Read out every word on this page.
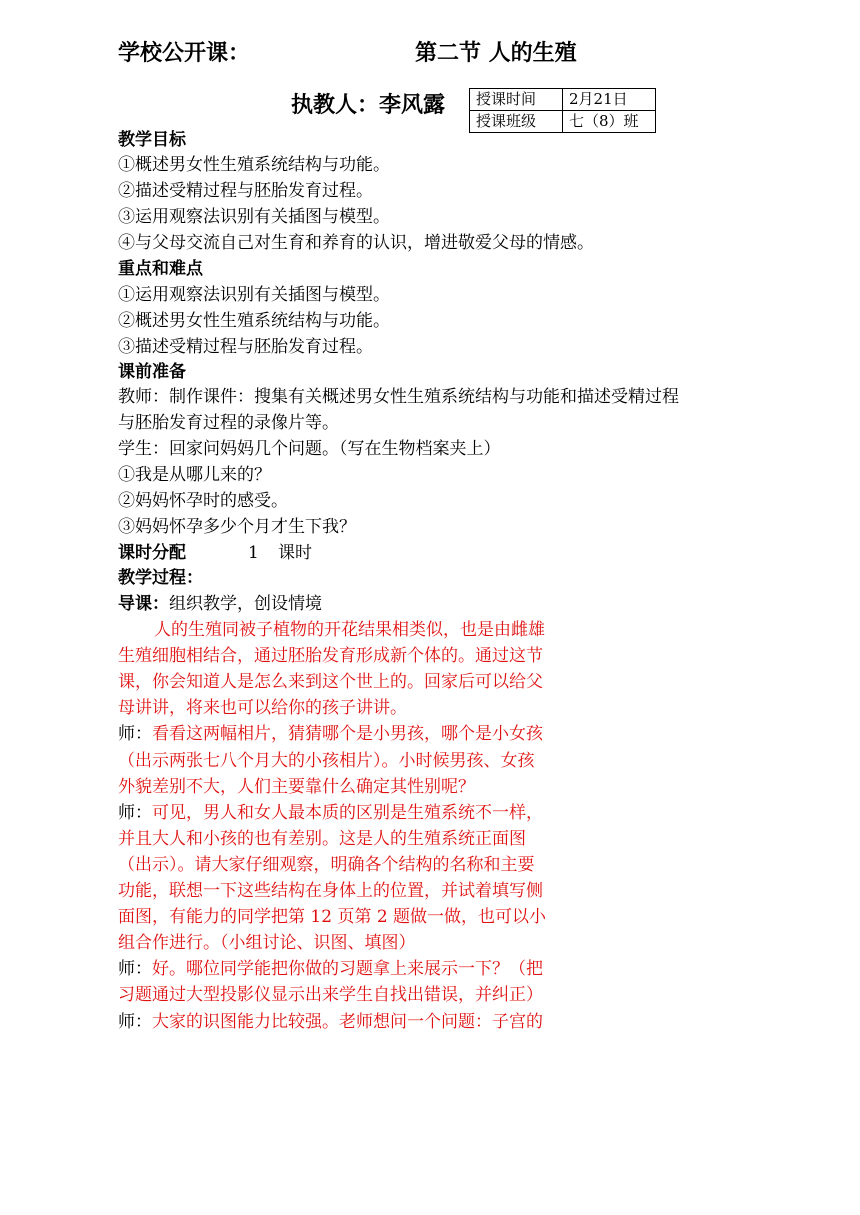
学校公开课：	第二节 人的生殖
执教人：李风露 授课时间	2月21日
授课班级	七（8）班
教学目标
①概述男女性生殖系统结构与功能。
②描述受精过程与胚胎发育过程。
③运用观察法识别有关插图与模型。
④与父母交流自己对生育和养育的认识，增进敬爱父母的情感。
重点和难点
①运用观察法识别有关插图与模型。
②概述男女性生殖系统结构与功能。
③描述受精过程与胚胎发育过程。
课前准备
教师：制作课件：搜集有关概述男女性生殖系统结构与功能和描述受精过程
与胚胎发育过程的录像片等。
学生：回家问妈妈几个问题。（写在生物档案夹上）
①我是从哪儿来的？
②妈妈怀孕时的感受。
③妈妈怀孕多少个月才生下我？
课时分配	1 课时
教学过程：
导课：组织教学，创设情境
人的生殖同被子植物的开花结果相类似，也是由雌雄
生殖细胞相结合，通过胚胎发育形成新个体的。通过这节
课，你会知道人是怎么来到这个世上的。回家后可以给父
母讲讲，将来也可以给你的孩子讲讲。
师：看看这两幅相片，猜猜哪个是小男孩，哪个是小女孩
（出示两张七八个月大的小孩相片）。小时候男孩、女孩
外貌差别不大，人们主要靠什么确定其性别呢？
师：可见，男人和女人最本质的区别是生殖系统不一样，
并且大人和小孩的也有差别。这是人的生殖系统正面图
（出示）。请大家仔细观察，明确各个结构的名称和主要
功能，联想一下这些结构在身体上的位置，并试着填写侧
面图，有能力的同学把第 12 页第 2 题做一做，也可以小
组合作进行。（小组讨论、识图、填图）
师：好。哪位同学能把你做的习题拿上来展示一下？（把
习题通过大型投影仪显示出来学生自找出错误，并纠正）
师：大家的识图能力比较强。老师想问一个问题：子宫的
